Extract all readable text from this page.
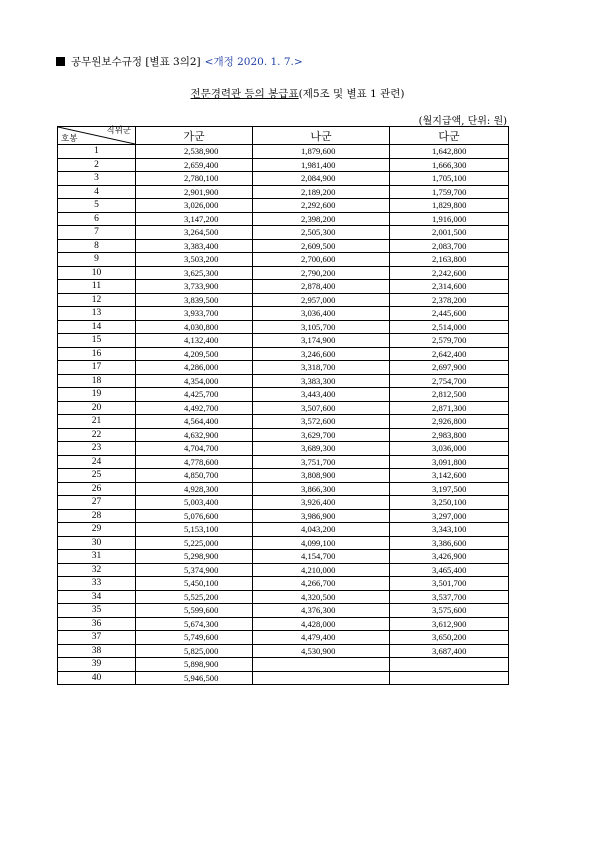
공무원보수규정 [별표 3의2] <개정 2020. 1. 7.>
전문경력관 등의 봉급표(제5조 및 별표 1 관련)
(월지급액, 단위: 원)
직위군
호봉	가군	나군	다군
1	2,538,900	1,879,600	1,642,800
2	2,659,400	1,981,400	1,666,300
3	2,780,100	2,084,900	1,705,100
4	2,901,900	2,189,200	1,759,700
5	3,026,000	2,292,600	1,829,800
6	3,147,200	2,398,200	1,916,000
7	3,264,500	2,505,300	2,001,500
8	3,383,400	2,609,500	2,083,700
9	3,503,200	2,700,600	2,163,800
10	3,625,300	2,790,200	2,242,600
11	3,733,900	2,878,400	2,314,600
12	3,839,500	2,957,000	2,378,200
13	3,933,700	3,036,400	2,445,600
14	4,030,800	3,105,700	2,514,000
15	4,132,400	3,174,900	2,579,700
16	4,209,500	3,246,600	2,642,400
17	4,286,000	3,318,700	2,697,900
18	4,354,000	3,383,300	2,754,700
19	4,425,700	3,443,400	2,812,500
20	4,492,700	3,507,600	2,871,300
21	4,564,400	3,572,600	2,926,800
22	4,632,900	3,629,700	2,983,800
23	4,704,700	3,689,300	3,036,000
24	4,778,600	3,751,700	3,091,800
25	4,850,700	3,808,900	3,142,600
26	4,928,300	3,866,300	3,197,500
27	5,003,400	3,926,400	3,250,100
28	5,076,600	3,986,900	3,297,000
29	5,153,100	4,043,200	3,343,100
30	5,225,000	4,099,100	3,386,600
31	5,298,900	4,154,700	3,426,900
32	5,374,900	4,210,000	3,465,400
33	5,450,100	4,266,700	3,501,700
34	5,525,200	4,320,500	3,537,700
35	5,599,600	4,376,300	3,575,600
36	5,674,300	4,428,000	3,612,900
37	5,749,600	4,479,400	3,650,200
38	5,825,000	4,530,900	3,687,400
39	5,898,900		
40	5,946,500		
